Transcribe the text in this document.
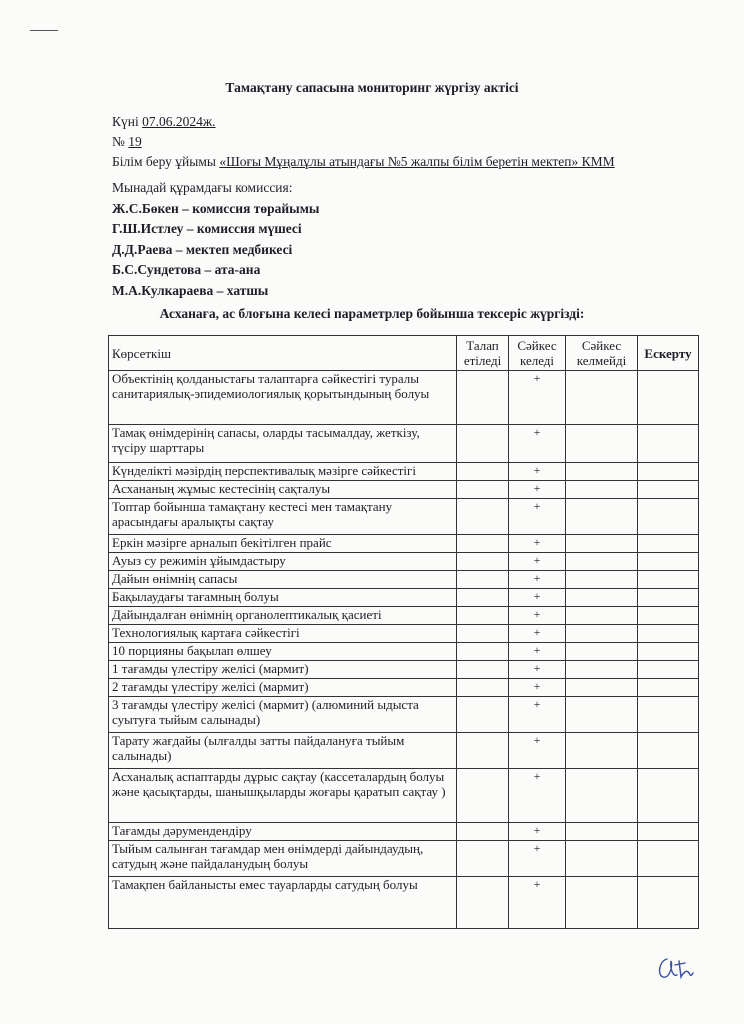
Тамақтану сапасына мониторинг жүргізу актісі
Күні 07.06.2024ж.
№ 19
Білім беру ұйымы «Шоғы Мұңалұлы атындағы №5 жалпы білім беретін мектеп» КММ
Мынадай құрамдағы комиссия:
Ж.С.Бөкен – комиссия төрайымы
Г.Ш.Истлеу – комиссия мүшесі
Д.Д.Раева – мектеп медбикесі
Б.С.Сундетова – ата-ана
М.А.Кулкараева – хатшы
Асханаға, ас блоғына келесі параметрлер бойынша тексеріс жүргізді:
Көрсеткіш	Талап етіледі	Сәйкес келеді	Сәйкес келмейді	Ескерту
Объектінің қолданыстағы талаптарға сәйкестігі туралы санитариялық-эпидемиологиялық қорытындының болуы		+		
Тамақ өнімдерінің сапасы, оларды тасымалдау, жеткізу, түсіру шарттары		+		
Күнделікті мәзірдің перспективалық мәзірге сәйкестігі		+		
Асхананың жұмыс кестесінің сақталуы		+		
Топтар бойынша тамақтану кестесі мен тамақтану арасындағы аралықты сақтау		+		
Еркін мәзірге арналып бекітілген прайс		+		
Ауыз су режимін ұйымдастыру		+		
Дайын өнімнің сапасы		+		
Бақылаудағы тағамның болуы		+		
Дайындалған өнімнің органолептикалық қасиеті		+		
Технологиялық картаға сәйкестігі		+		
10 порцияны бақылап өлшеу		+		
1 тағамды үлестіру желісі (мармит)		+		
2 тағамды үлестіру желісі (мармит)		+		
3 тағамды үлестіру желісі (мармит) (алюминий ыдыста суытуға тыйым салынады)		+		
Тарату жағдайы (ылғалды затты пайдалануға тыйым салынады)		+		
Асханалық аспаптарды дұрыс сақтау (кассеталардың болуы және қасықтарды, шанышқыларды жоғары қаратып сақтау )		+		
Тағамды дәрумендендіру		+		
Тыйым салынған тағамдар мен өнімдерді дайындаудың, сатудың және пайдаланудың болуы		+		
Тамақпен байланысты емес тауарларды сатудың болуы		+		
